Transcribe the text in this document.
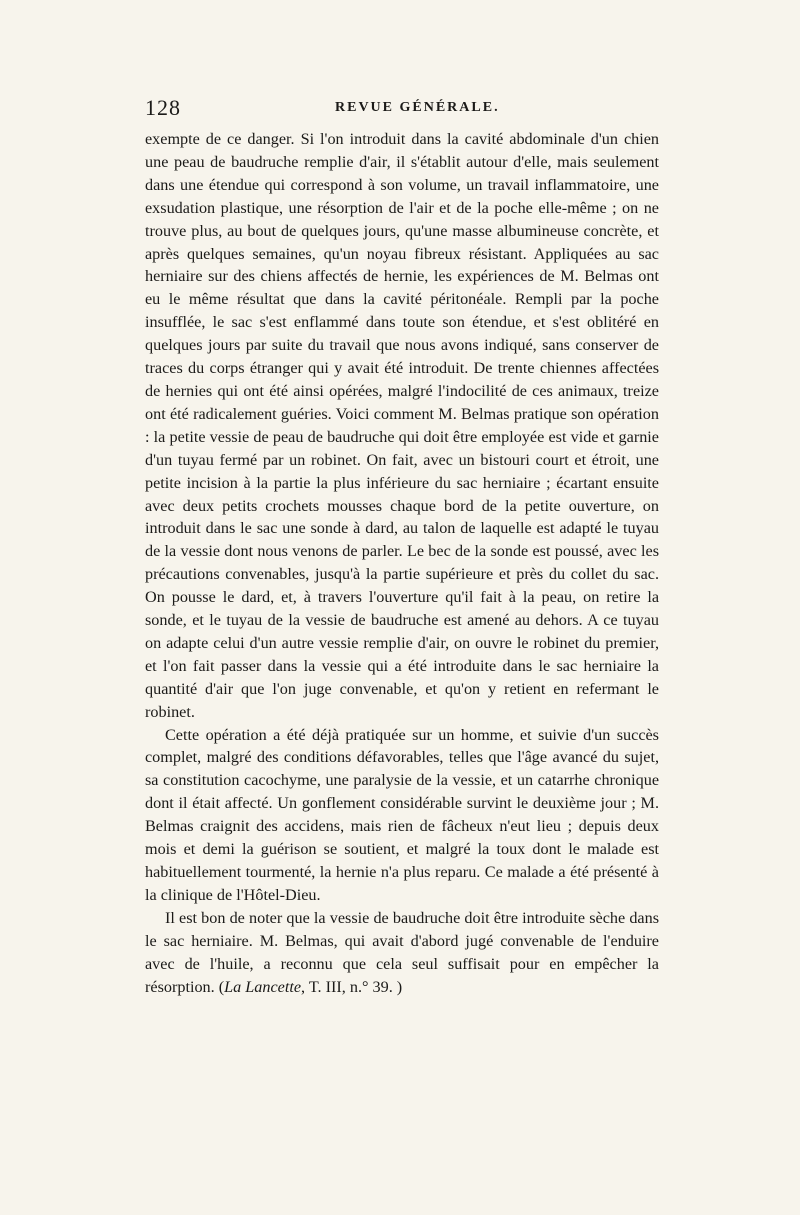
128	REVUE GÉNÉRALE.

exempte de ce danger. Si l'on introduit dans la cavité abdominale d'un chien une peau de baudruche remplie d'air, il s'établit autour d'elle, mais seulement dans une étendue qui correspond à son volume, un travail inflammatoire, une exsudation plastique, une résorption de l'air et de la poche elle-même ; on ne trouve plus, au bout de quelques jours, qu'une masse albumineuse concrète, et après quelques semaines, qu'un noyau fibreux résistant. Appliquées au sac herniaire sur des chiens affectés de hernie, les expériences de M. Belmas ont eu le même résultat que dans la cavité péritonéale. Rempli par la poche insufflée, le sac s'est enflammé dans toute son étendue, et s'est oblitéré en quelques jours par suite du travail que nous avons indiqué, sans conserver de traces du corps étranger qui y avait été introduit. De trente chiennes affectées de hernies qui ont été ainsi opérées, malgré l'indocilité de ces animaux, treize ont été radicalement guéries. Voici comment M. Belmas pratique son opération : la petite vessie de peau de baudruche qui doit être employée est vide et garnie d'un tuyau fermé par un robinet. On fait, avec un bistouri court et étroit, une petite incision à la partie la plus inférieure du sac herniaire ; écartant ensuite avec deux petits crochets mousses chaque bord de la petite ouverture, on introduit dans le sac une sonde à dard, au talon de laquelle est adapté le tuyau de la vessie dont nous venons de parler. Le bec de la sonde est poussé, avec les précautions convenables, jusqu'à la partie supérieure et près du collet du sac. On pousse le dard, et, à travers l'ouverture qu'il fait à la peau, on retire la sonde, et le tuyau de la vessie de baudruche est amené au dehors. A ce tuyau on adapte celui d'un autre vessie remplie d'air, on ouvre le robinet du premier, et l'on fait passer dans la vessie qui a été introduite dans le sac herniaire la quantité d'air que l'on juge convenable, et qu'on y retient en refermant le robinet.

Cette opération a été déjà pratiquée sur un homme, et suivie d'un succès complet, malgré des conditions défavorables, telles que l'âge avancé du sujet, sa constitution cacochyme, une paralysie de la vessie, et un catarrhe chronique dont il était affecté. Un gonflement considérable survint le deuxième jour ; M. Belmas craignit des accidens, mais rien de fâcheux n'eut lieu ; depuis deux mois et demi la guérison se soutient, et malgré la toux dont le malade est habituellement tourmenté, la hernie n'a plus reparu. Ce malade a été présenté à la clinique de l'Hôtel-Dieu.

Il est bon de noter que la vessie de baudruche doit être introduite sèche dans le sac herniaire. M. Belmas, qui avait d'abord jugé convenable de l'enduire avec de l'huile, a reconnu que cela seul suffisait pour en empêcher la résorption. (La Lancette, T. III, n.° 39. )
